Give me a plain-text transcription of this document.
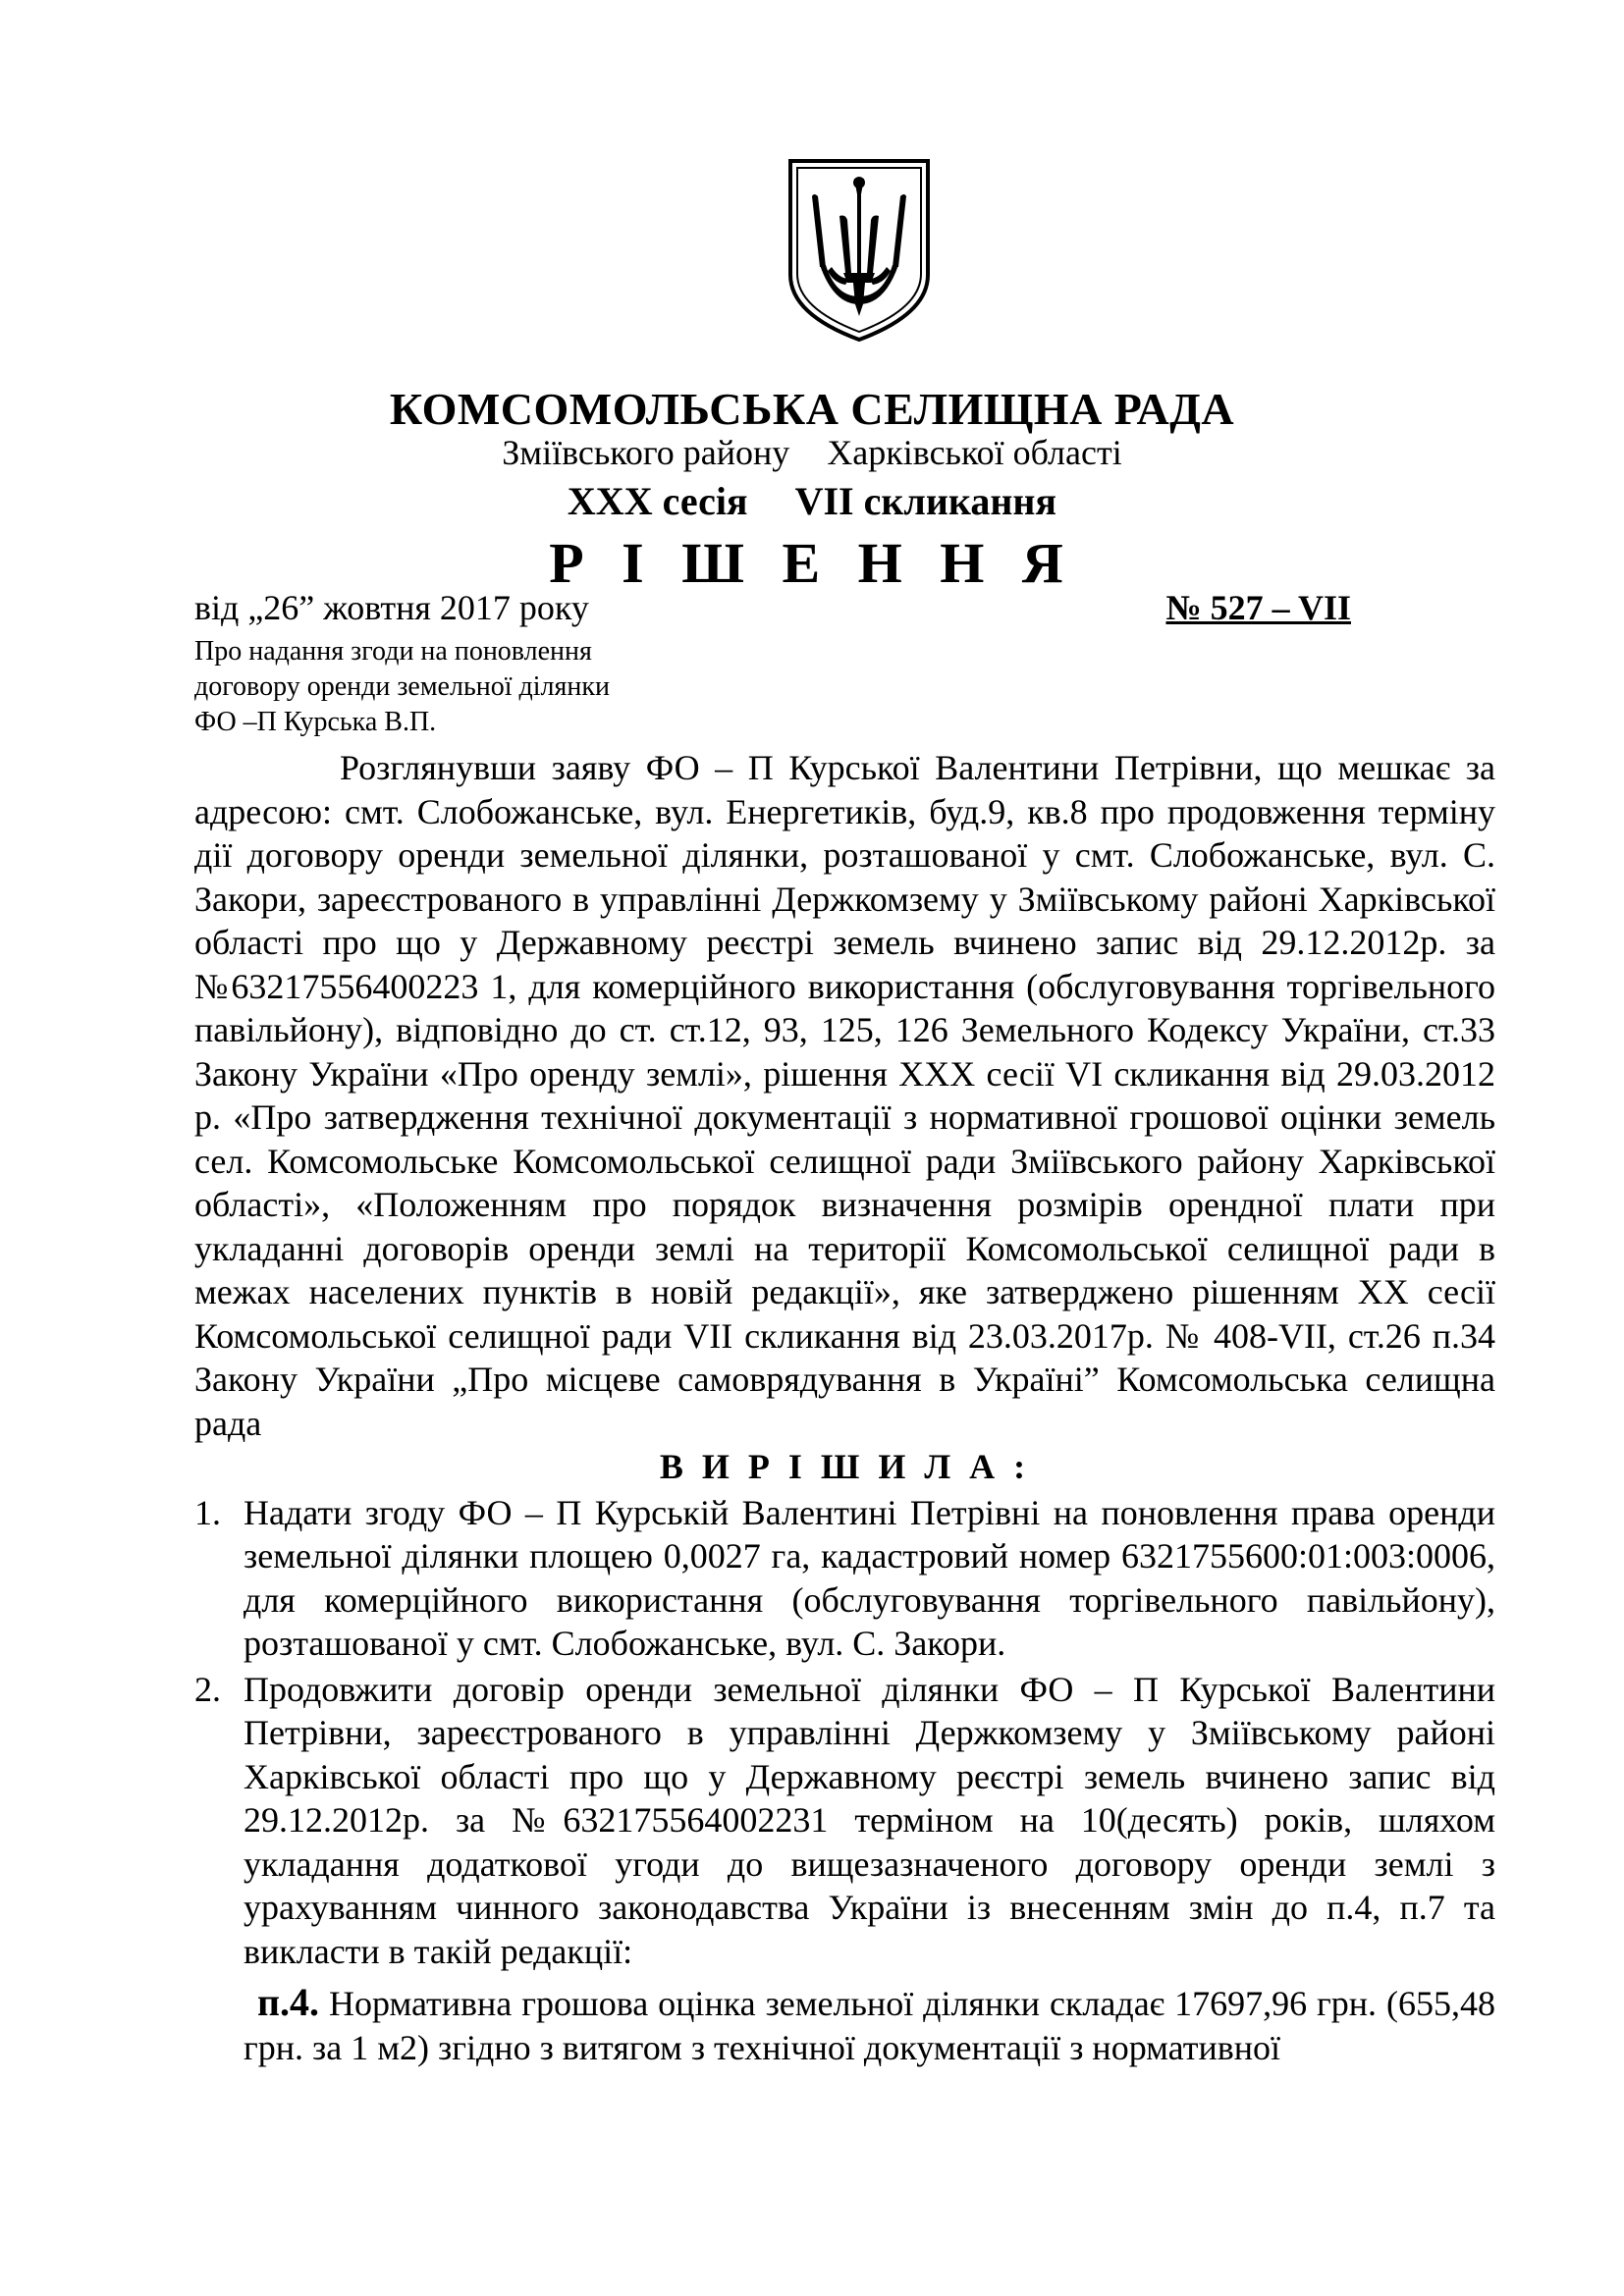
КОМСОМОЛЬСЬКА СЕЛИЩНА РАДА
Зміївського району Харківської області
XXX сесія VII скликання
Р І Ш Е Н Н Я
від „26” жовтня 2017 року	№ 527 – VII
Про надання згоди на поновлення
договору оренди земельної ділянки
ФО –П Курська В.П.

Розглянувши заяву ФО – П Курської Валентини Петрівни, що мешкає за адресою: смт. Слобожанське, вул. Енергетиків, буд.9, кв.8 про продовження терміну дії договору оренди земельної ділянки, розташованої у смт. Слобожанське, вул. С. Закори, зареєстрованого в управлінні Держкомзему у Зміївському районі Харківської області про що у Державному реєстрі земель вчинено запис від 29.12.2012р. за №63217556400223 1, для комерційного використання (обслуговування торгівельного павільйону), відповідно до ст. ст.12, 93, 125, 126 Земельного Кодексу України, ст.33 Закону України «Про оренду землі», рішення XXX сесії VI скликання від 29.03.2012 р. «Про затвердження технічної документації з нормативної грошової оцінки земель сел. Комсомольське Комсомольської селищної ради Зміївського району Харківської області», «Положенням про порядок визначення розмірів орендної плати при укладанні договорів оренди землі на території Комсомольської селищної ради в межах населених пунктів в новій редакції», яке затверджено рішенням XX сесії Комсомольської селищної ради VII скликання від 23.03.2017р. № 408-VII, ст.26 п.34 Закону України „Про місцеве самоврядування в Україні” Комсомольська селищна рада

В И Р І Ш И Л А :

1. Надати згоду ФО – П Курській Валентині Петрівні на поновлення права оренди земельної ділянки площею 0,0027 га, кадастровий номер 6321755600:01:003:0006, для комерційного використання (обслуговування торгівельного павільйону), розташованої у смт. Слобожанське, вул. С. Закори.
2. Продовжити договір оренди земельної ділянки ФО – П Курської Валентини Петрівни, зареєстрованого в управлінні Держкомзему у Зміївському районі Харківської області про що у Державному реєстрі земель вчинено запис від 29.12.2012р. за №632175564002231 терміном на 10(десять) років, шляхом укладання додаткової угоди до вищезазначеного договору оренди землі з урахуванням чинного законодавства України із внесенням змін до п.4, п.7 та викласти в такій редакції:

п.4. Нормативна грошова оцінка земельної ділянки складає 17697,96 грн. (655,48 грн. за 1 м2) згідно з витягом з технічної документації з нормативної
